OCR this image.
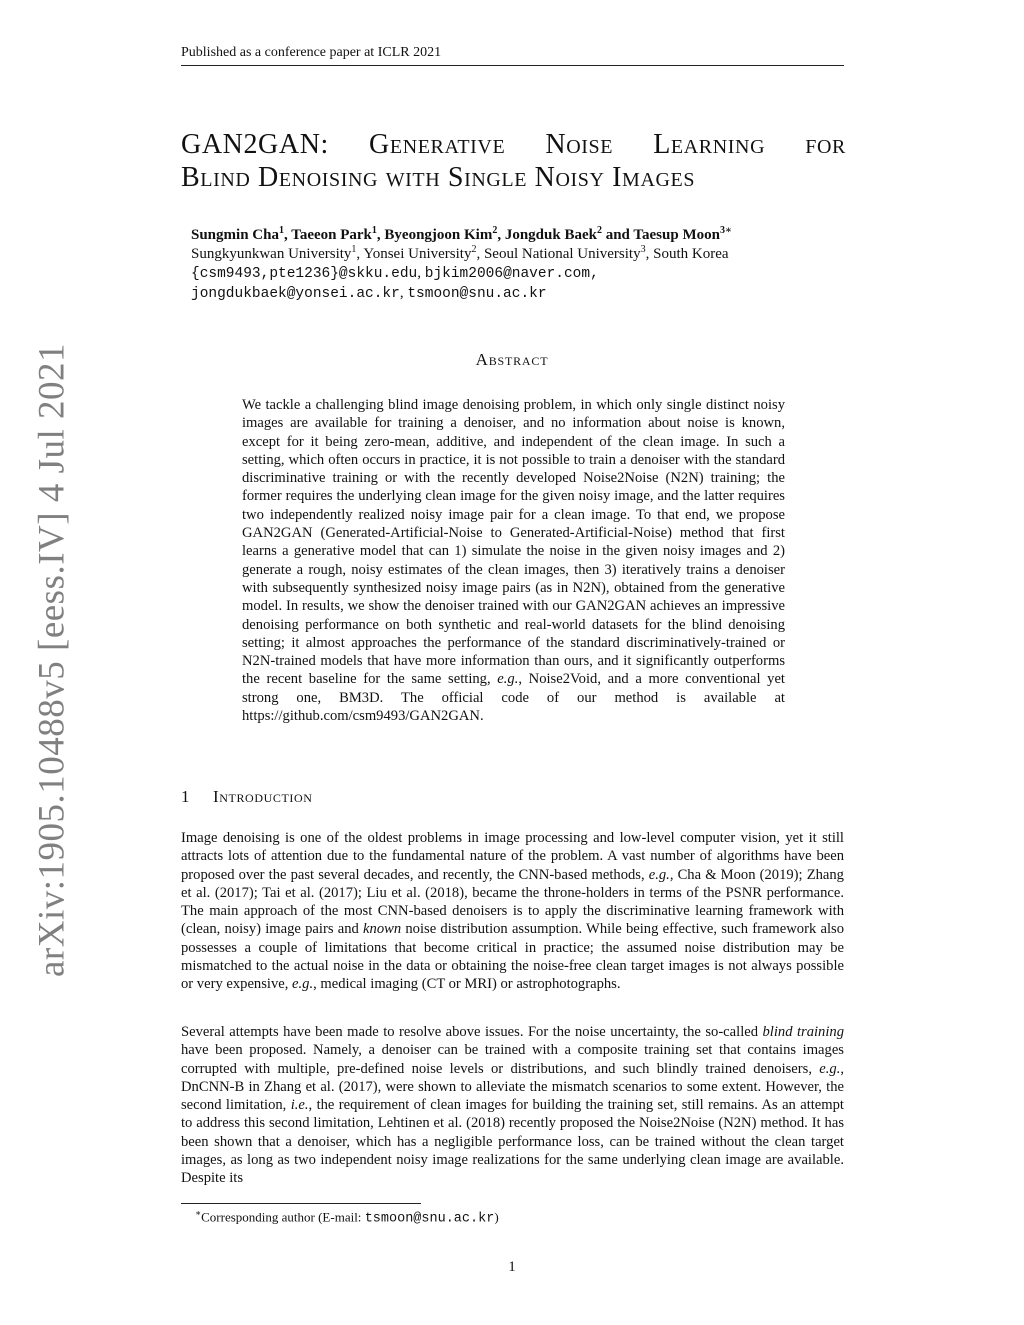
Published as a conference paper at ICLR 2021
arXiv:1905.10488v5 [eess.IV] 4 Jul 2021
GAN2GAN: Generative Noise Learning for
Blind Denoising with Single Noisy Images
Sungmin Cha$^1$, Taeeon Park$^1$, Byeongjoon Kim$^2$, Jongduk Baek$^2$ and Taesup Moon$^{3∗}$
Sungkyunkwan University$^1$, Yonsei University$^2$, Seoul National University$^3$, South Korea
{csm9493,pte1236}@skku.edu, bjkim2006@naver.com,
jongdukbaek@yonsei.ac.kr, tsmoon@snu.ac.kr
Abstract
We tackle a challenging blind image denoising problem, in which only single distinct noisy images are available for training a denoiser, and no information about noise is known, except for it being zero-mean, additive, and independent of the clean image. In such a setting, which often occurs in practice, it is not possible to train a denoiser with the standard discriminative training or with the recently developed Noise2Noise (N2N) training; the former requires the underlying clean image for the given noisy image, and the latter requires two independently realized noisy image pair for a clean image. To that end, we propose GAN2GAN (Generated-Artificial-Noise to Generated-Artificial-Noise) method that first learns a generative model that can 1) simulate the noise in the given noisy images and 2) generate a rough, noisy estimates of the clean images, then 3) iteratively trains a denoiser with subsequently synthesized noisy image pairs (as in N2N), obtained from the generative model. In results, we show the denoiser trained with our GAN2GAN achieves an impressive denoising performance on both synthetic and real-world datasets for the blind denoising setting; it almost approaches the performance of the standard discriminatively-trained or N2N-trained models that have more information than ours, and it significantly outperforms the recent baseline for the same setting, e.g., Noise2Void, and a more conventional yet strong one, BM3D. The official code of our method is available at https://github.com/csm9493/GAN2GAN.
1 Introduction
Image denoising is one of the oldest problems in image processing and low-level computer vision, yet it still attracts lots of attention due to the fundamental nature of the problem. A vast number of algorithms have been proposed over the past several decades, and recently, the CNN-based methods, e.g., Cha & Moon (2019); Zhang et al. (2017); Tai et al. (2017); Liu et al. (2018), became the throne-holders in terms of the PSNR performance. The main approach of the most CNN-based denoisers is to apply the discriminative learning framework with (clean, noisy) image pairs and known noise distribution assumption. While being effective, such framework also possesses a couple of limitations that become critical in practice; the assumed noise distribution may be mismatched to the actual noise in the data or obtaining the noise-free clean target images is not always possible or very expensive, e.g., medical imaging (CT or MRI) or astrophotographs.
Several attempts have been made to resolve above issues. For the noise uncertainty, the so-called blind training have been proposed. Namely, a denoiser can be trained with a composite training set that contains images corrupted with multiple, pre-defined noise levels or distributions, and such blindly trained denoisers, e.g., DnCNN-B in Zhang et al. (2017), were shown to alleviate the mismatch scenarios to some extent. However, the second limitation, i.e., the requirement of clean images for building the training set, still remains. As an attempt to address this second limitation, Lehtinen et al. (2018) recently proposed the Noise2Noise (N2N) method. It has been shown that a denoiser, which has a negligible performance loss, can be trained without the clean target images, as long as two independent noisy image realizations for the same underlying clean image are available. Despite its
∗Corresponding author (E-mail: tsmoon@snu.ac.kr)
1
